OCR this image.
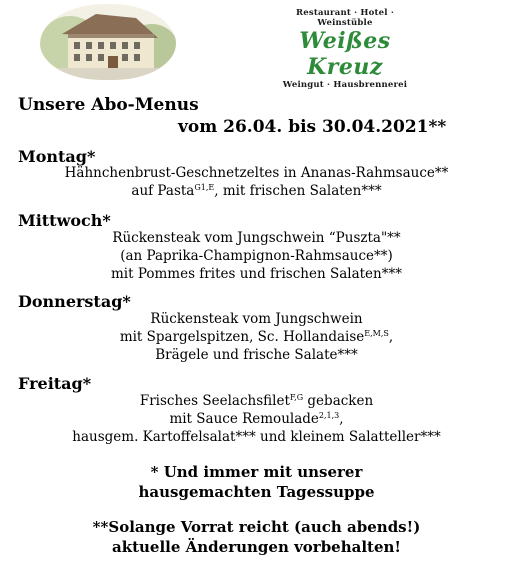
Restaurant · Hotel · Weinstüble
Weißes Kreuz
Weingut · Hausbrennerei
Unsere Abo-Menus
vom 26.04. bis 30.04.2021**
Montag*
Hähnchenbrust-Geschnetzeltes in Ananas-Rahmsauce**
auf Pasta$^{G1,E}$, mit frischen Salaten***
Mittwoch*
Rückensteak vom Jungschwein “Puszta"**
(an Paprika-Champignon-Rahmsauce**)
mit Pommes frites und frischen Salaten***
Donnerstag*
Rückensteak vom Jungschwein
mit Spargelspitzen, Sc. Hollandaise$^{E,M,S}$,
Brägele und frische Salate***
Freitag*
Frisches Seelachsfilet$^{F,G}$ gebacken
mit Sauce Remoulade$^{2,1,3}$,
hausgem. Kartoffelsalat*** und kleinem Salatteller***
* Und immer mit unserer
hausgemachten Tagessuppe
**Solange Vorrat reicht (auch abends!)
aktuelle Änderungen vorbehalten!
